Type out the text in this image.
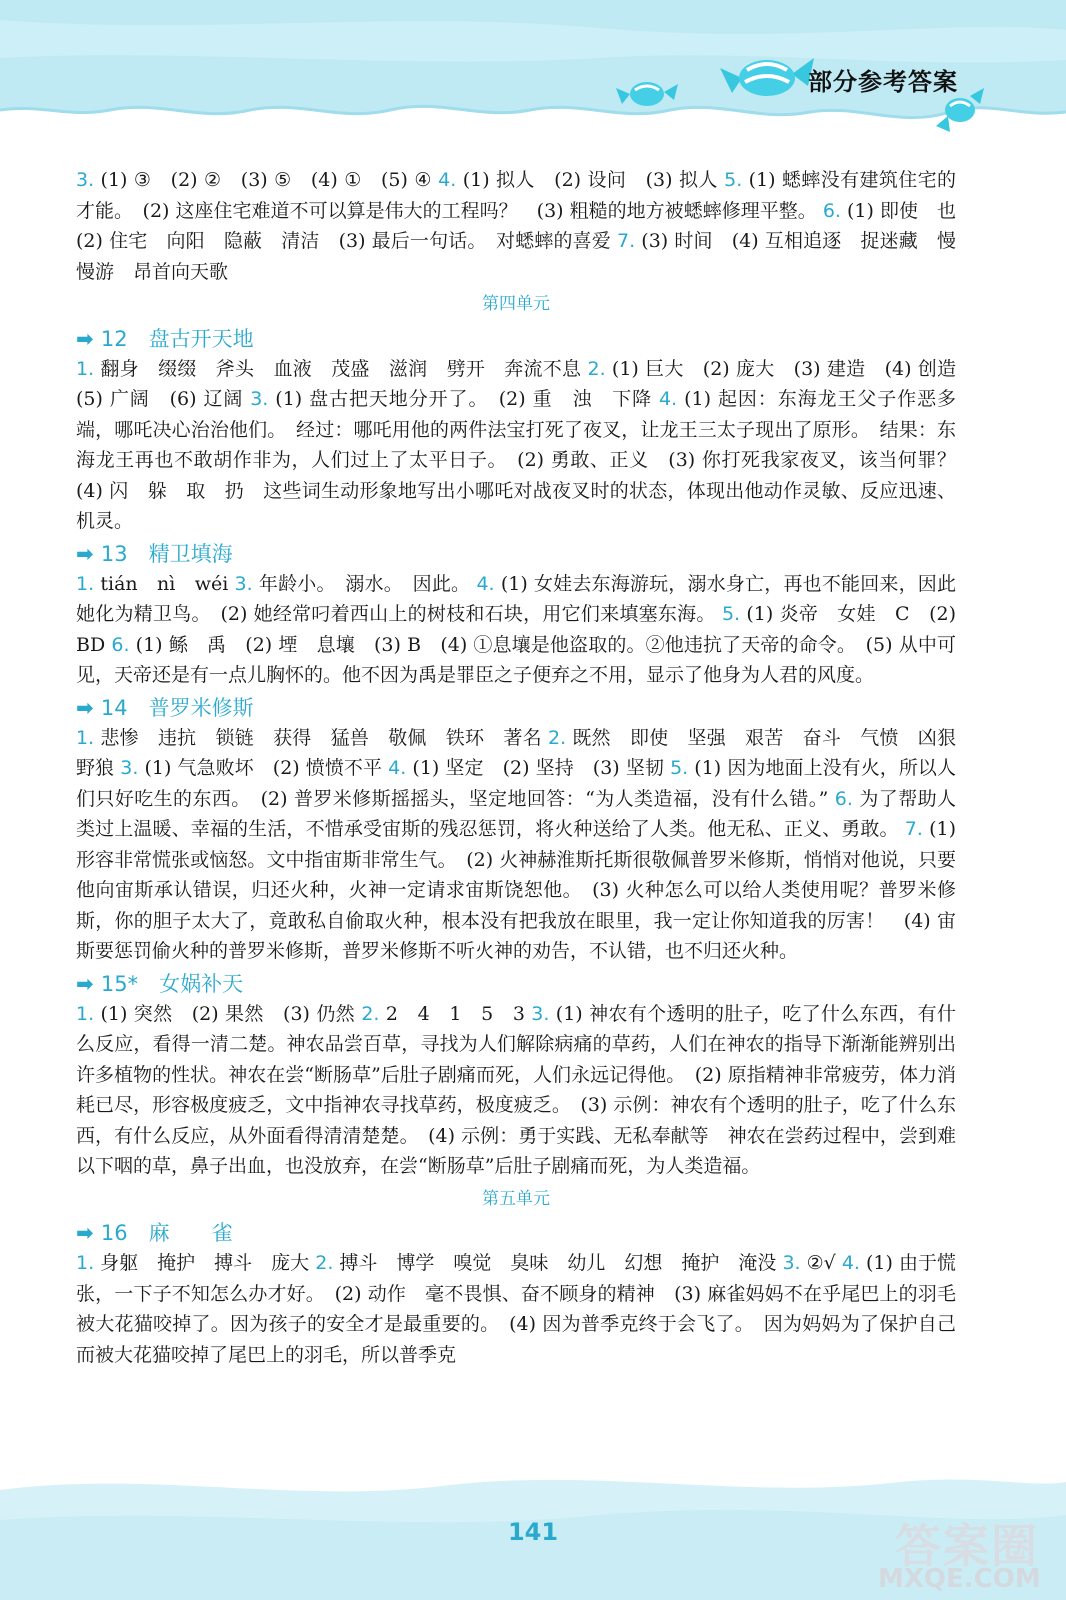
部分参考答案

3. (1) ③　(2) ②　(3) ⑤　(4) ①　(5) ④ 4. (1) 拟人　(2) 设问　(3) 拟人 5. (1) 蟋蟀没有建筑住宅的才能。　(2) 这座住宅难道不可以算是伟大的工程吗？　(3) 粗糙的地方被蟋蟀修理平整。 6. (1) 即使　也　(2) 住宅　向阳　隐蔽　清洁　(3) 最后一句话。　对蟋蟀的喜爱 7. (3) 时间　(4) 互相追逐　捉迷藏　慢慢游　昂首向天歌

第四单元
➡ 12　盘古开天地

1. 翻身　缀缀　斧头　血液　茂盛　滋润　劈开　奔流不息 2. (1) 巨大　(2) 庞大　(3) 建造　(4) 创造　(5) 广阔　(6) 辽阔 3. (1) 盘古把天地分开了。　(2) 重　浊　下降 4. (1) 起因：东海龙王父子作恶多端，哪吒决心治治他们。　经过：哪吒用他的两件法宝打死了夜叉，让龙王三太子现出了原形。　结果：东海龙王再也不敢胡作非为，人们过上了太平日子。　(2) 勇敢、正义　(3) 你打死我家夜叉，该当何罪？　(4) 闪　躲　取　扔　这些词生动形象地写出小哪吒对战夜叉时的状态，体现出他动作灵敏、反应迅速、机灵。

➡ 13　精卫填海

1. tián　nì　wéi 3. 年龄小。　溺水。　因此。 4. (1) 女娃去东海游玩，溺水身亡，再也不能回来，因此她化为精卫鸟。　(2) 她经常叼着西山上的树枝和石块，用它们来填塞东海。 5. (1) 炎帝　女娃　C　(2) BD 6. (1) 鲧　禹　(2) 堙　息壤　(3) B　(4) ①息壤是他盗取的。②他违抗了天帝的命令。　(5) 从中可见，天帝还是有一点儿胸怀的。他不因为禹是罪臣之子便弃之不用，显示了他身为人君的风度。

➡ 14　普罗米修斯

1. 悲惨　违抗　锁链　获得　猛兽　敬佩　铁环　著名 2. 既然　即使　坚强　艰苦　奋斗　气愤　凶狠　野狼 3. (1) 气急败坏　(2) 愤愤不平 4. (1) 坚定　(2) 坚持　(3) 坚韧 5. (1) 因为地面上没有火，所以人们只好吃生的东西。　(2) 普罗米修斯摇摇头，坚定地回答：“为人类造福，没有什么错。” 6. 为了帮助人类过上温暖、幸福的生活，不惜承受宙斯的残忍惩罚，将火种送给了人类。他无私、正义、勇敢。 7. (1) 形容非常慌张或恼怒。文中指宙斯非常生气。　(2) 火神赫淮斯托斯很敬佩普罗米修斯，悄悄对他说，只要他向宙斯承认错误，归还火种，火神一定请求宙斯饶恕他。　(3) 火种怎么可以给人类使用呢？普罗米修斯，你的胆子太大了，竟敢私自偷取火种，根本没有把我放在眼里，我一定让你知道我的厉害！　(4) 宙斯要惩罚偷火种的普罗米修斯，普罗米修斯不听火神的劝告，不认错，也不归还火种。

➡ 15*　女娲补天

1. (1) 突然　(2) 果然　(3) 仍然 2. 2　4　1　5　3 3. (1) 神农有个透明的肚子，吃了什么东西，有什么反应，看得一清二楚。神农品尝百草，寻找为人们解除病痛的草药，人们在神农的指导下渐渐能辨别出许多植物的性状。神农在尝“断肠草”后肚子剧痛而死，人们永远记得他。　(2) 原指精神非常疲劳，体力消耗已尽，形容极度疲乏，文中指神农寻找草药，极度疲乏。　(3) 示例：神农有个透明的肚子，吃了什么东西，有什么反应，从外面看得清清楚楚。　(4) 示例：勇于实践、无私奉献等　神农在尝药过程中，尝到难以下咽的草，鼻子出血，也没放弃，在尝“断肠草”后肚子剧痛而死，为人类造福。

第五单元
➡ 16　麻　　雀

1. 身躯　掩护　搏斗　庞大 2. 搏斗　博学　嗅觉　臭味　幼儿　幻想　掩护　淹没 3. ②√ 4. (1) 由于慌张，一下子不知怎么办才好。　(2) 动作　毫不畏惧、奋不顾身的精神　(3) 麻雀妈妈不在乎尾巴上的羽毛被大花猫咬掉了。因为孩子的安全才是最重要的。　(4) 因为普季克终于会飞了。　因为妈妈为了保护自己而被大花猫咬掉了尾巴上的羽毛，所以普季克

141	答案圈
MXQE.COM
